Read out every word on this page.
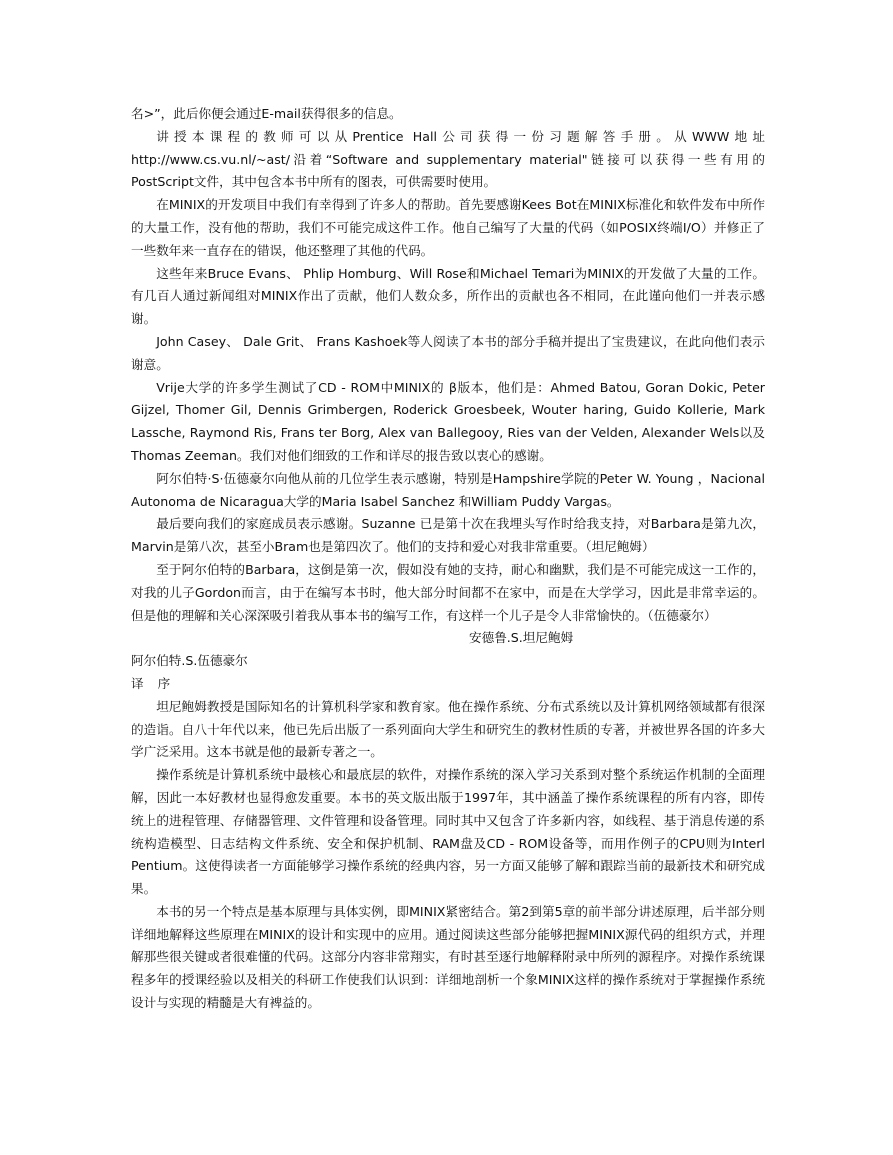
名>”，此后你便会通过E-mail获得很多的信息。

讲授本课程的教师可以从Prentice Hall公司获得一份习题解答手册。从WWW地址http://www.cs.vu.nl/~ast/沿着“Software and supplementary material"链接可以获得一些有用的PostScript文件，其中包含本书中所有的图表，可供需要时使用。

在MINIX的开发项目中我们有幸得到了许多人的帮助。首先要感谢Kees Bot在MINIX标准化和软件发布中所作的大量工作，没有他的帮助，我们不可能完成这件工作。他自己编写了大量的代码（如POSIX终端I/O）并修正了一些数年来一直存在的错误，他还整理了其他的代码。

这些年来Bruce Evans、 Phlip Homburg、Will Rose和Michael Temari为MINIX的开发做了大量的工作。 有几百人通过新闻组对MINIX作出了贡献，他们人数众多，所作出的贡献也各不相同，在此谨向他们一并表示感谢。

John Casey、 Dale Grit、 Frans Kashoek等人阅读了本书的部分手稿并提出了宝贵建议，在此向他们表示谢意。

Vrije大学的许多学生测试了CD - ROM中MINIX的 β版本，他们是：Ahmed Batou, Goran Dokic, Peter Gijzel, Thomer Gil, Dennis Grimbergen, Roderick Groesbeek, Wouter haring, Guido Kollerie, Mark Lassche, Raymond Ris, Frans ter Borg, Alex van Ballegooy, Ries van der Velden, Alexander Wels以及Thomas Zeeman。我们对他们细致的工作和详尽的报告致以衷心的感谢。

阿尔伯特·S·伍德豪尔向他从前的几位学生表示感谢，特别是Hampshire学院的Peter W. Young ，Nacional Autonoma de Nicaragua大学的Maria Isabel Sanchez 和William Puddy Vargas。

最后要向我们的家庭成员表示感谢。Suzanne 已是第十次在我埋头写作时给我支持，对Barbara是第九次，Marvin是第八次，甚至小Bram也是第四次了。他们的支持和爱心对我非常重要。（坦尼鲍姆）

至于阿尔伯特的Barbara，这倒是第一次，假如没有她的支持，耐心和幽默，我们是不可能完成这一工作的，对我的儿子Gordon而言，由于在编写本书时，他大部分时间都不在家中，而是在大学学习，因此是非常幸运的。但是他的理解和关心深深吸引着我从事本书的编写工作，有这样一个儿子是令人非常愉快的。（伍德豪尔）

安德鲁.S.坦尼鲍姆

阿尔伯特.S.伍德豪尔

译 序

坦尼鲍姆教授是国际知名的计算机科学家和教育家。他在操作系统、分布式系统以及计算机网络领域都有很深的造诣。自八十年代以来，他已先后出版了一系列面向大学生和研究生的教材性质的专著，并被世界各国的许多大学广泛采用。这本书就是他的最新专著之一。

操作系统是计算机系统中最核心和最底层的软件，对操作系统的深入学习关系到对整个系统运作机制的全面理解，因此一本好教材也显得愈发重要。本书的英文版出版于1997年，其中涵盖了操作系统课程的所有内容，即传统上的进程管理、存储器管理、文件管理和设备管理。同时其中又包含了许多新内容，如线程、基于消息传递的系统构造模型、日志结构文件系统、安全和保护机制、RAM盘及CD - ROM设备等，而用作例子的CPU则为Interl Pentium。这使得读者一方面能够学习操作系统的经典内容，另一方面又能够了解和跟踪当前的最新技术和研究成果。

本书的另一个特点是基本原理与具体实例，即MINIX紧密结合。第2到第5章的前半部分讲述原理，后半部分则详细地解释这些原理在MINIX的设计和实现中的应用。通过阅读这些部分能够把握MINIX源代码的组织方式，并理解那些很关键或者很难懂的代码。这部分内容非常翔实，有时甚至逐行地解释附录中所列的源程序。对操作系统课程多年的授课经验以及相关的科研工作使我们认识到：详细地剖析一个象MINIX这样的操作系统对于掌握操作系统设计与实现的精髓是大有裨益的。
